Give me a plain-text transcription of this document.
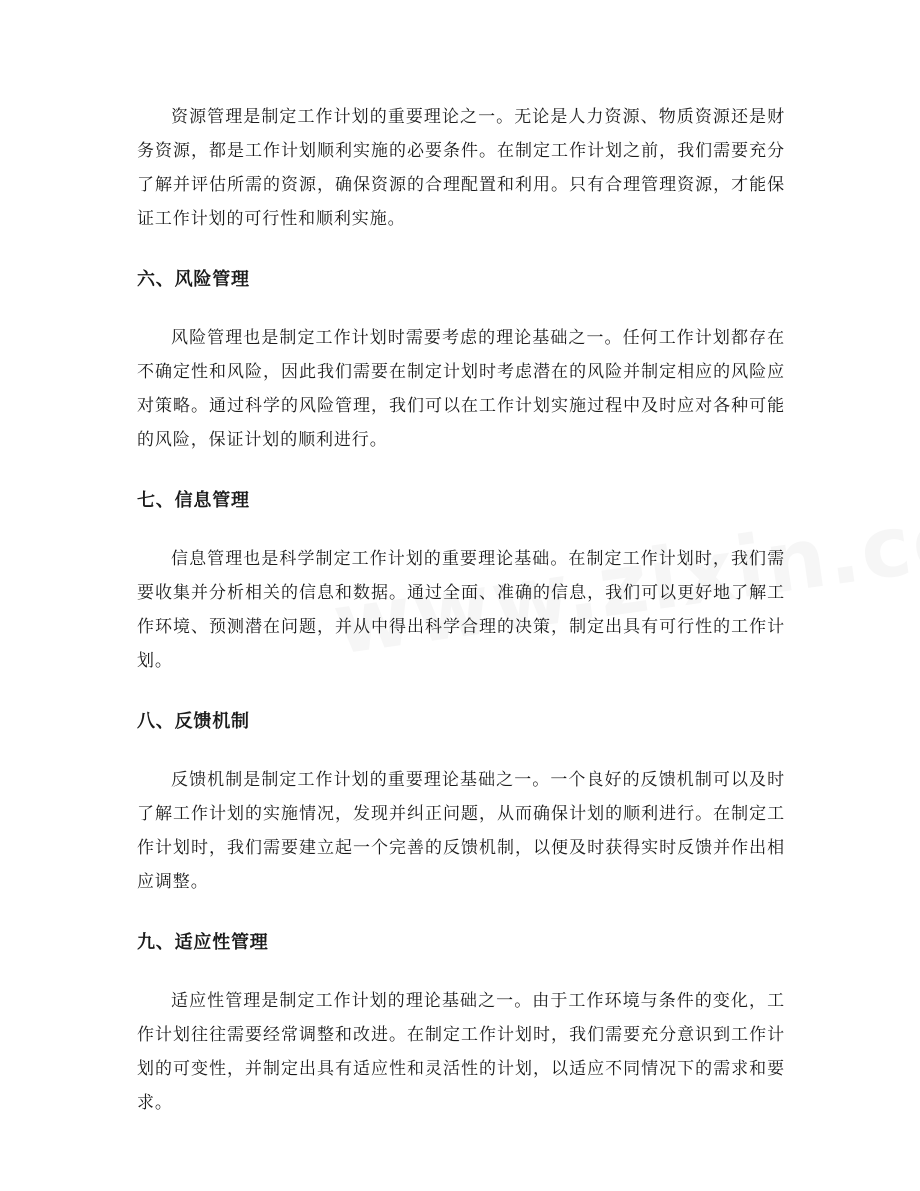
资源管理是制定工作计划的重要理论之一。无论是人力资源、物质资源还是财务资源，都是工作计划顺利实施的必要条件。在制定工作计划之前，我们需要充分了解并评估所需的资源，确保资源的合理配置和利用。只有合理管理资源，才能保证工作计划的可行性和顺利实施。

六、风险管理

风险管理也是制定工作计划时需要考虑的理论基础之一。任何工作计划都存在不确定性和风险，因此我们需要在制定计划时考虑潜在的风险并制定相应的风险应对策略。通过科学的风险管理，我们可以在工作计划实施过程中及时应对各种可能的风险，保证计划的顺利进行。

七、信息管理

信息管理也是科学制定工作计划的重要理论基础。在制定工作计划时，我们需要收集并分析相关的信息和数据。通过全面、准确的信息，我们可以更好地了解工作环境、预测潜在问题，并从中得出科学合理的决策，制定出具有可行性的工作计划。

八、反馈机制

反馈机制是制定工作计划的重要理论基础之一。一个良好的反馈机制可以及时了解工作计划的实施情况，发现并纠正问题，从而确保计划的顺利进行。在制定工作计划时，我们需要建立起一个完善的反馈机制，以便及时获得实时反馈并作出相应调整。

九、适应性管理

适应性管理是制定工作计划的理论基础之一。由于工作环境与条件的变化，工作计划往往需要经常调整和改进。在制定工作计划时，我们需要充分意识到工作计划的可变性，并制定出具有适应性和灵活性的计划，以适应不同情况下的需求和要求。
